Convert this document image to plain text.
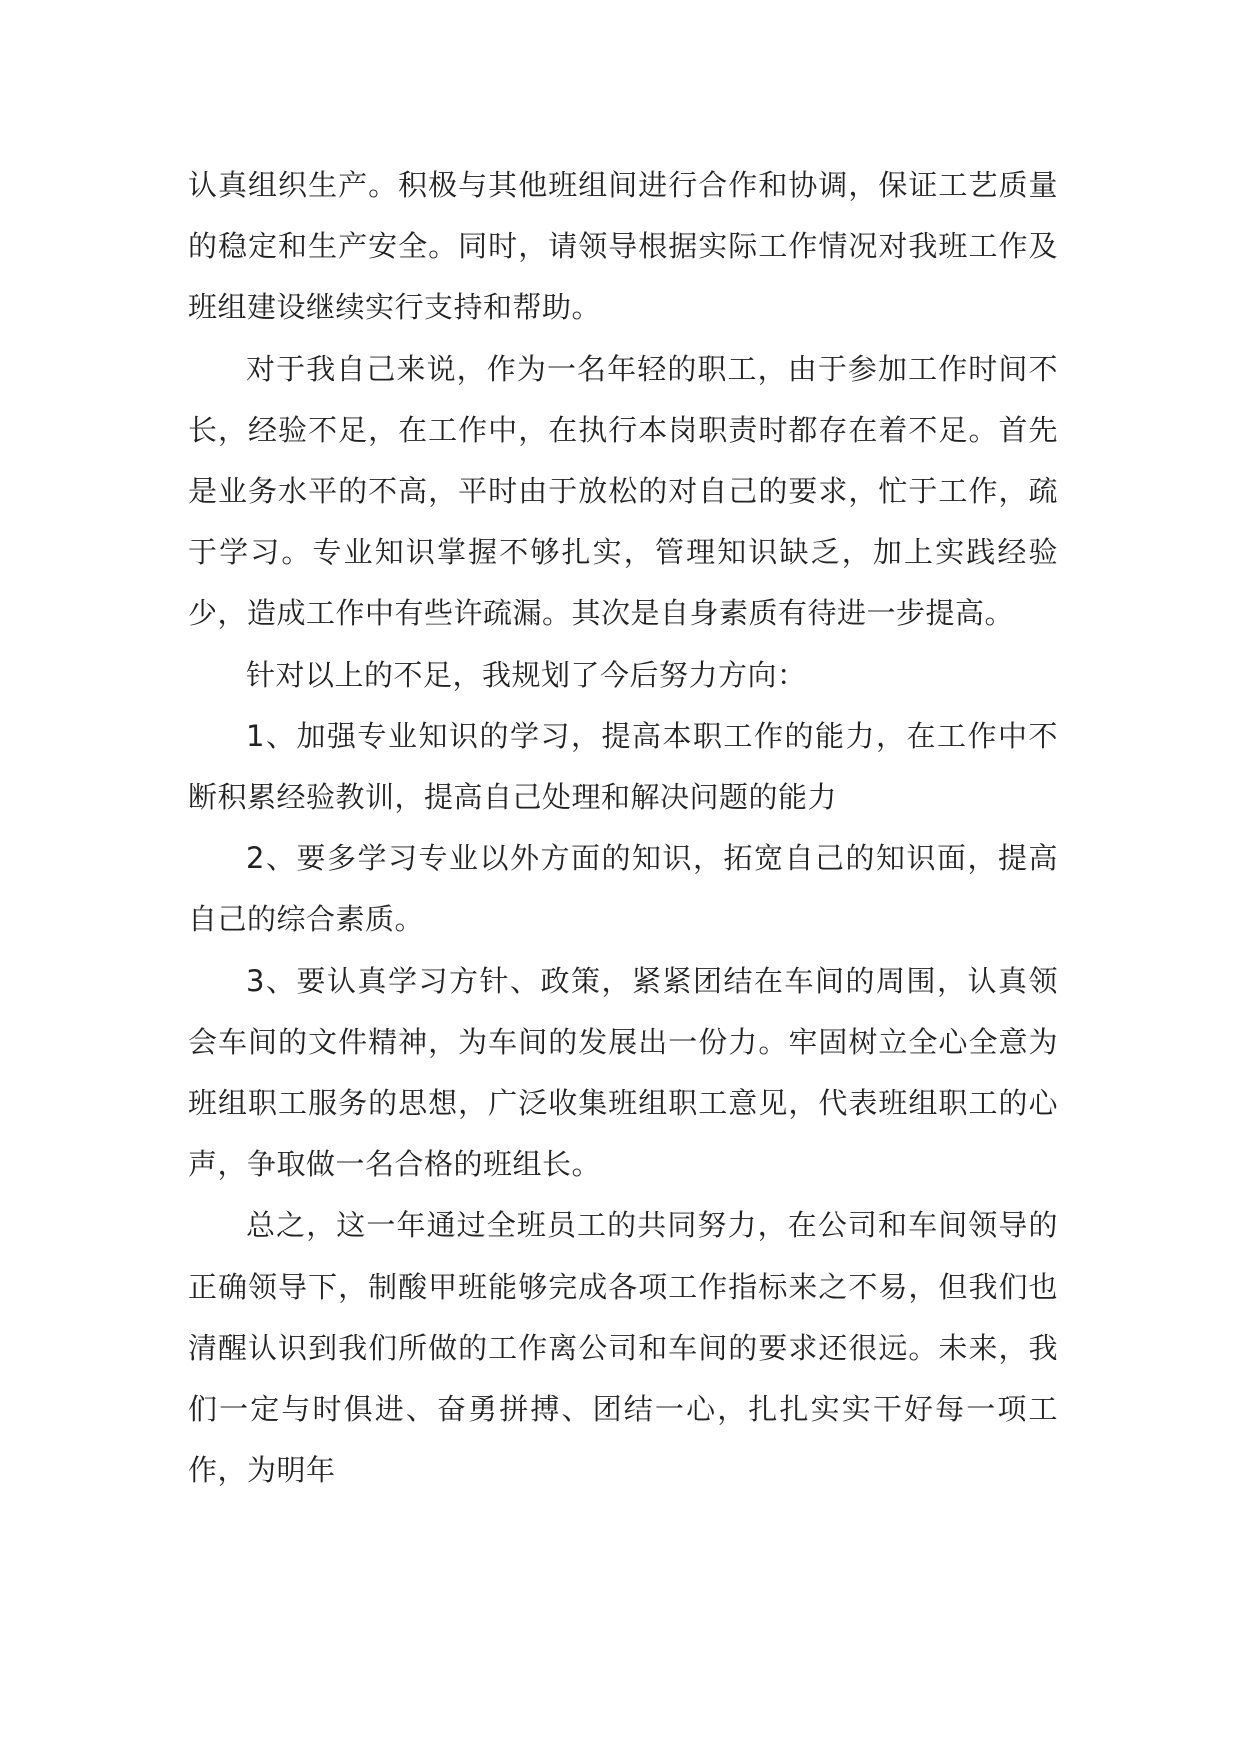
认真组织生产。积极与其他班组间进行合作和协调，保证工艺质量的稳定和生产安全。同时，请领导根据实际工作情况对我班工作及班组建设继续实行支持和帮助。

对于我自己来说，作为一名年轻的职工，由于参加工作时间不长，经验不足，在工作中，在执行本岗职责时都存在着不足。首先是业务水平的不高，平时由于放松的对自己的要求，忙于工作，疏于学习。专业知识掌握不够扎实，管理知识缺乏，加上实践经验少，造成工作中有些许疏漏。其次是自身素质有待进一步提高。

针对以上的不足，我规划了今后努力方向：

1、加强专业知识的学习，提高本职工作的能力，在工作中不断积累经验教训，提高自己处理和解决问题的能力

2、要多学习专业以外方面的知识，拓宽自己的知识面，提高自己的综合素质。

3、要认真学习方针、政策，紧紧团结在车间的周围，认真领会车间的文件精神，为车间的发展出一份力。牢固树立全心全意为班组职工服务的思想，广泛收集班组职工意见，代表班组职工的心声，争取做一名合格的班组长。

总之，这一年通过全班员工的共同努力，在公司和车间领导的正确领导下，制酸甲班能够完成各项工作指标来之不易，但我们也清醒认识到我们所做的工作离公司和车间的要求还很远。未来，我们一定与时俱进、奋勇拼搏、团结一心，扎扎实实干好每一项工作，为明年
